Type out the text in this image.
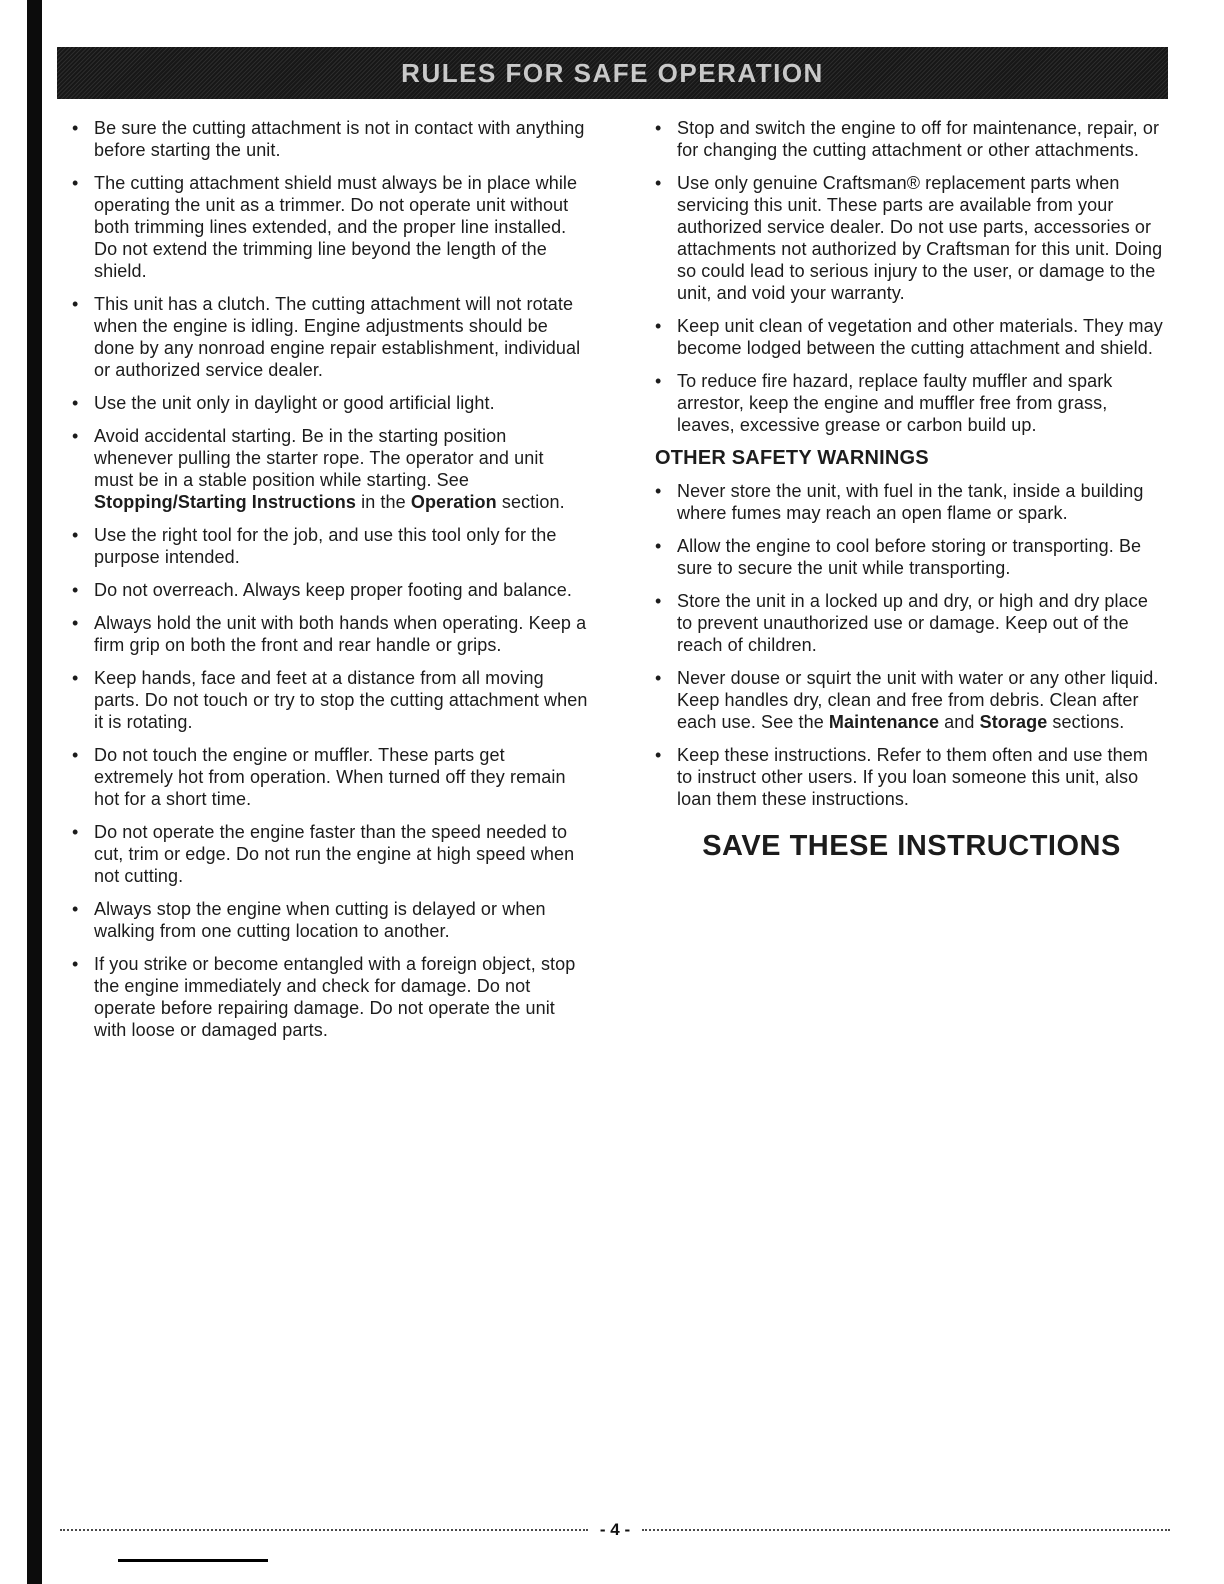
RULES FOR SAFE OPERATION
• Be sure the cutting attachment is not in contact with anything before starting the unit.
• The cutting attachment shield must always be in place while operating the unit as a trimmer. Do not operate unit without both trimming lines extended, and the proper line installed. Do not extend the trimming line beyond the length of the shield.
• This unit has a clutch. The cutting attachment will not rotate when the engine is idling. Engine adjustments should be done by any nonroad engine repair establishment, individual or authorized service dealer.
• Use the unit only in daylight or good artificial light.
• Avoid accidental starting. Be in the starting position whenever pulling the starter rope. The operator and unit must be in a stable position while starting. See Stopping/Starting Instructions in the Operation section.
• Use the right tool for the job, and use this tool only for the purpose intended.
• Do not overreach. Always keep proper footing and balance.
• Always hold the unit with both hands when operating. Keep a firm grip on both the front and rear handle or grips.
• Keep hands, face and feet at a distance from all moving parts. Do not touch or try to stop the cutting attachment when it is rotating.
• Do not touch the engine or muffler. These parts get extremely hot from operation. When turned off they remain hot for a short time.
• Do not operate the engine faster than the speed needed to cut, trim or edge. Do not run the engine at high speed when not cutting.
• Always stop the engine when cutting is delayed or when walking from one cutting location to another.
• If you strike or become entangled with a foreign object, stop the engine immediately and check for damage. Do not operate before repairing damage. Do not operate the unit with loose or damaged parts.
• Stop and switch the engine to off for maintenance, repair, or for changing the cutting attachment or other attachments.
• Use only genuine Craftsman® replacement parts when servicing this unit. These parts are available from your authorized service dealer. Do not use parts, accessories or attachments not authorized by Craftsman for this unit. Doing so could lead to serious injury to the user, or damage to the unit, and void your warranty.
• Keep unit clean of vegetation and other materials. They may become lodged between the cutting attachment and shield.
• To reduce fire hazard, replace faulty muffler and spark arrestor, keep the engine and muffler free from grass, leaves, excessive grease or carbon build up.
OTHER SAFETY WARNINGS
• Never store the unit, with fuel in the tank, inside a building where fumes may reach an open flame or spark.
• Allow the engine to cool before storing or transporting. Be sure to secure the unit while transporting.
• Store the unit in a locked up and dry, or high and dry place to prevent unauthorized use or damage. Keep out of the reach of children.
• Never douse or squirt the unit with water or any other liquid. Keep handles dry, clean and free from debris. Clean after each use. See the Maintenance and Storage sections.
• Keep these instructions. Refer to them often and use them to instruct other users. If you loan someone this unit, also loan them these instructions.
SAVE THESE INSTRUCTIONS
- 4 -
